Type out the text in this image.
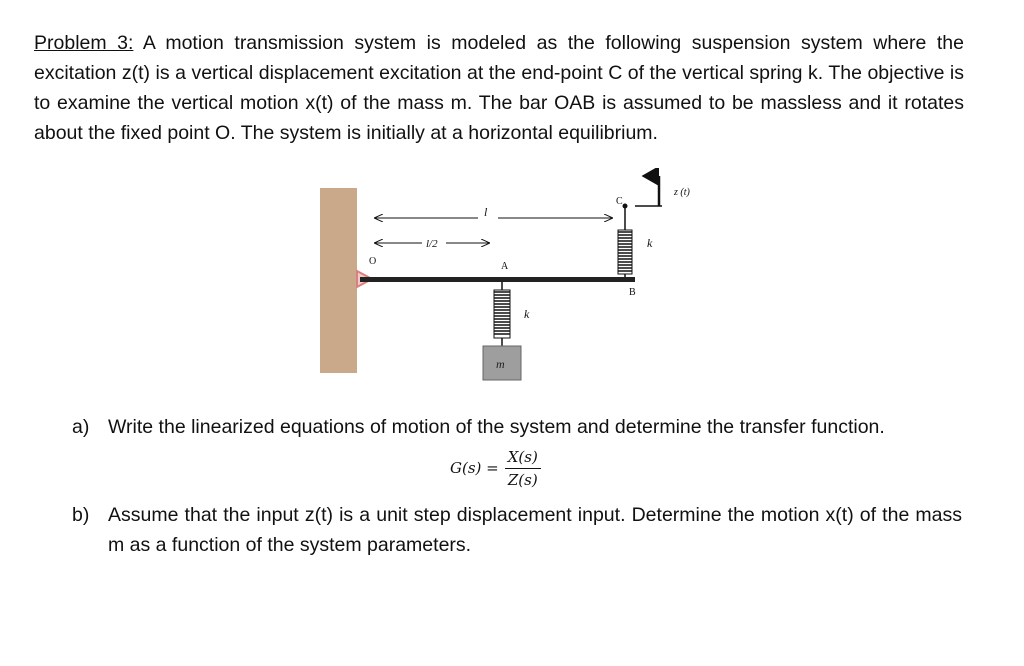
Problem 3: A motion transmission system is modeled as the following suspension system where the excitation z(t) is a vertical displacement excitation at the end-point C of the vertical spring k. The objective is to examine the vertical motion x(t) of the mass m. The bar OAB is assumed to be massless and it rotates about the fixed point O. The system is initially at a horizontal equilibrium.
l
l/2
O	A
B
C
k
z (t)
k
m
a) Write the linearized equations of motion of the system and determine the transfer function.
$G(s) = \frac{X(s)}{Z(s)}$
b) Assume that the input z(t) is a unit step displacement input. Determine the motion x(t) of the mass m as a function of the system parameters.
